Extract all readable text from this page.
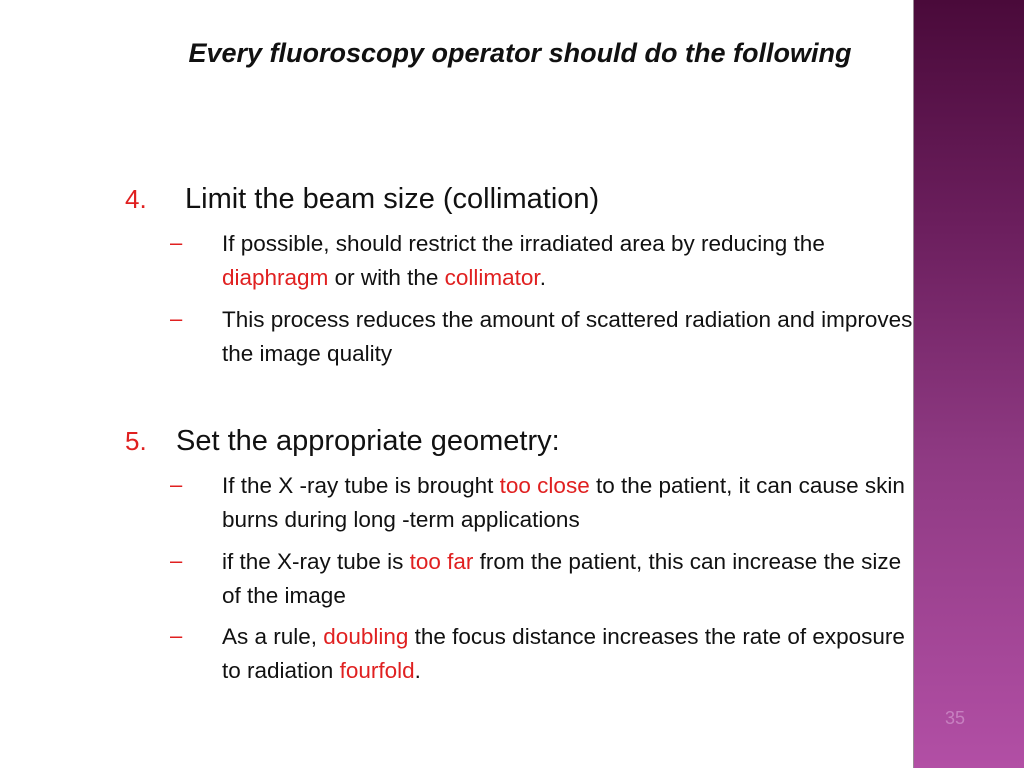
Every fluoroscopy operator should do the following
4. Limit the beam size (collimation)
– If possible, should restrict the irradiated area by reducing the diaphragm or with the collimator.
– This process reduces the amount of scattered radiation and improves the image quality
5. Set the appropriate geometry:
– If the X -ray tube is brought too close to the patient, it can cause skin burns during long -term applications
– if the X-ray tube is too far from the patient, this can increase the size of the image
– As a rule, doubling the focus distance increases the rate of exposure to radiation fourfold.
35
